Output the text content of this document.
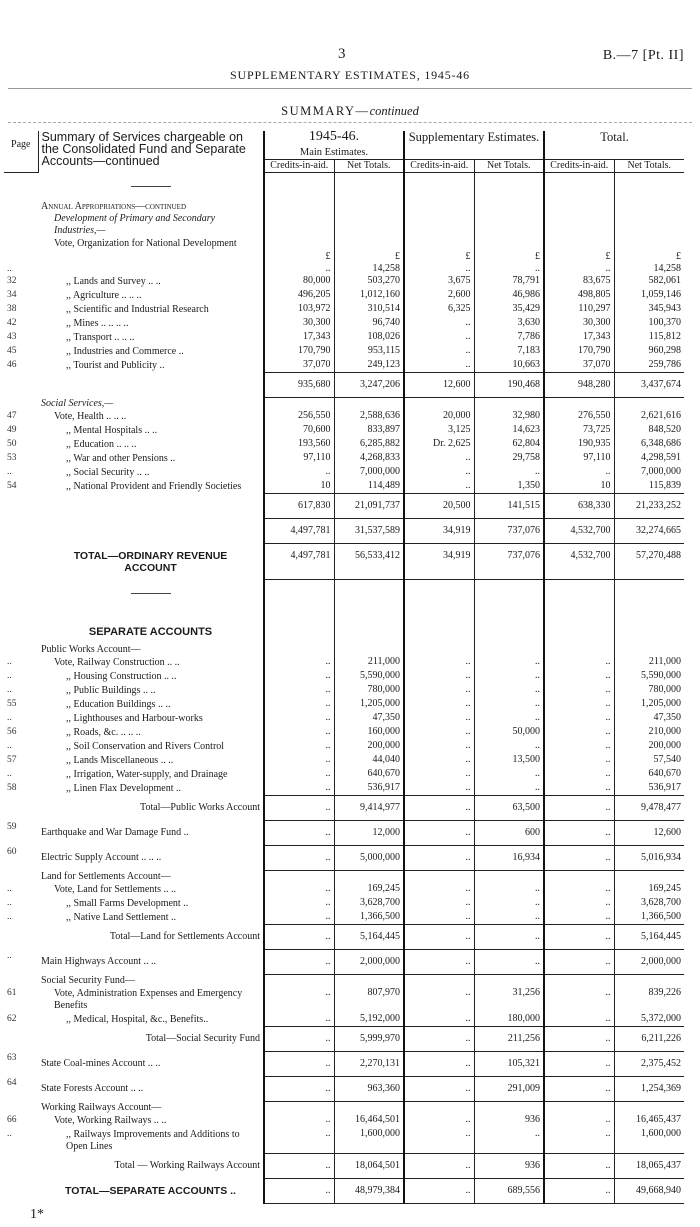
3	B.—7 [Pt. II]
SUPPLEMENTARY ESTIMATES, 1945-46
SUMMARY—continued
Page	Summary of Services chargeable on the Consolidated Fund and Separate Accounts—continued	1945-46.
Main Estimates.		Supplementary Estimates.		Total.	
		Credits-in-aid.	Net Totals.	Credits-in-aid.	Net Totals.	Credits-in-aid.	Net Totals.

	Annual Appropriations—continued						
	Development of Primary and Secondary Industries,—						
	Vote, Organization for National Development	£	£	£	£	£	£
..		..	14,258	..	..	..	14,258
32	,, Lands and Survey .. ..	80,000	503,270	3,675	78,791	83,675	582,061
34	,, Agriculture .. .. ..	496,205	1,012,160	2,600	46,986	498,805	1,059,146
38	,, Scientific and Industrial Research	103,972	310,514	6,325	35,429	110,297	345,943
42	,, Mines .. .. .. ..	30,300	96,740	..	3,630	30,300	100,370
43	,, Transport .. .. ..	17,343	108,026	..	7,786	17,343	115,812
45	,, Industries and Commerce ..	170,790	953,115	..	7,183	170,790	960,298
46	,, Tourist and Publicity ..	37,070	249,123	..	10,663	37,070	259,786
		935,680	3,247,206	12,600	190,468	948,280	3,437,674
	Social Services,—						
47	Vote, Health .. .. ..	256,550	2,588,636	20,000	32,980	276,550	2,621,616
49	,, Mental Hospitals .. ..	70,600	833,897	3,125	14,623	73,725	848,520
50	,, Education .. .. ..	193,560	6,285,882	Dr. 2,625	62,804	190,935	6,348,686
53	,, War and other Pensions ..	97,110	4,268,833	..	29,758	97,110	4,298,591
..	,, Social Security .. ..	..	7,000,000	..	..	..	7,000,000
54	,, National Provident and Friendly Societies	10	114,489	..	1,350	10	115,839
		617,830	21,091,737	20,500	141,515	638,330	21,233,252
		4,497,781	31,537,589	34,919	737,076	4,532,700	32,274,665
	TOTAL—ORDINARY REVENUE ACCOUNT	4,497,781	56,533,412	34,919	737,076	4,532,700	57,270,488

	SEPARATE ACCOUNTS						
	Public Works Account—						
..	Vote, Railway Construction .. ..	..	211,000	..	..	..	211,000
..	,, Housing Construction .. ..	..	5,590,000	..	..	..	5,590,000
..	,, Public Buildings .. ..	..	780,000	..	..	..	780,000
55	,, Education Buildings .. ..	..	1,205,000	..	..	..	1,205,000
..	,, Lighthouses and Harbour-works	..	47,350	..	..	..	47,350
56	,, Roads, &c. .. .. ..	..	160,000	..	50,000	..	210,000
..	,, Soil Conservation and Rivers Control	..	200,000	..	..	..	200,000
57	,, Lands Miscellaneous .. ..	..	44,040	..	13,500	..	57,540
..	,, Irrigation, Water-supply, and Drainage	..	640,670	..	..	..	640,670
58	,, Linen Flax Development ..	..	536,917	..	..	..	536,917
	Total—Public Works Account	..	9,414,977	..	63,500	..	9,478,477
59	Earthquake and War Damage Fund ..	..	12,000	..	600	..	12,600
60	Electric Supply Account .. .. ..	..	5,000,000	..	16,934	..	5,016,934
	Land for Settlements Account—						
..	Vote, Land for Settlements .. ..	..	169,245	..	..	..	169,245
..	,, Small Farms Development ..	..	3,628,700	..	..	..	3,628,700
..	,, Native Land Settlement ..	..	1,366,500	..	..	..	1,366,500
	Total—Land for Settlements Account	..	5,164,445	..	..	..	5,164,445
..	Main Highways Account .. ..	..	2,000,000	..	..	..	2,000,000
	Social Security Fund—						
61	Vote, Administration Expenses and Emergency Benefits	..	807,970	..	31,256	..	839,226
62	,, Medical, Hospital, &c., Benefits..	..	5,192,000	..	180,000	..	5,372,000
	Total—Social Security Fund	..	5,999,970	..	211,256	..	6,211,226
63	State Coal-mines Account .. ..	..	2,270,131	..	105,321	..	2,375,452
64	State Forests Account .. ..	..	963,360	..	291,009	..	1,254,369
	Working Railways Account—						
66	Vote, Working Railways .. ..	..	16,464,501	..	936	..	16,465,437
..	,, Railways Improvements and Additions to Open Lines	..	1,600,000	..	..	..	1,600,000
	Total — Working Railways Account	..	18,064,501	..	936	..	18,065,437
	TOTAL—SEPARATE ACCOUNTS ..	..	48,979,384	..	689,556	..	49,668,940
1*
